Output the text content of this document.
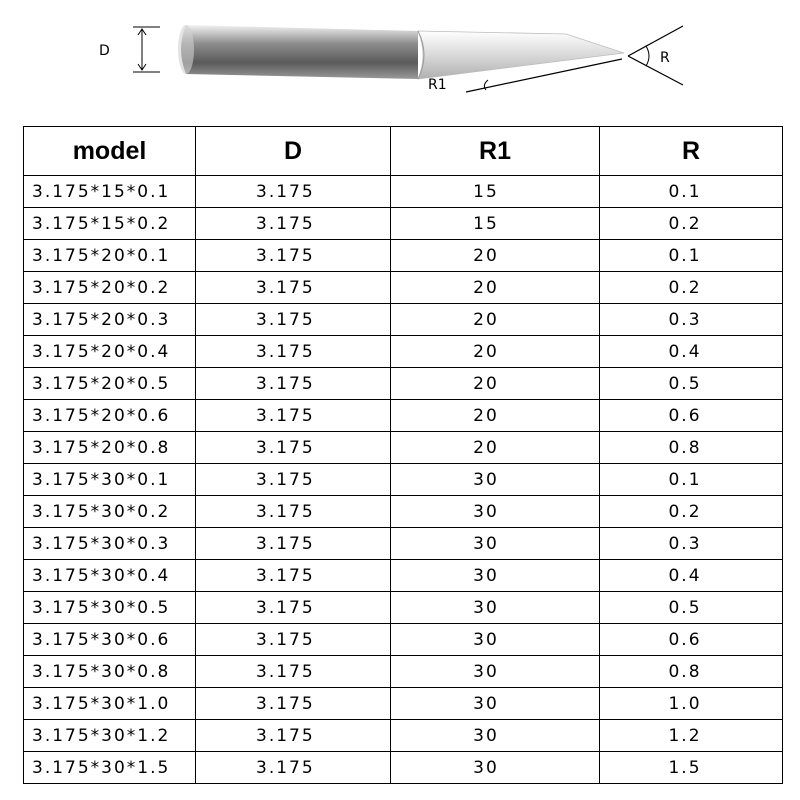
D	R
R1
model	D	R1	R
3.175*15*0.1	3.175	15	0.1
3.175*15*0.2	3.175	15	0.2
3.175*20*0.1	3.175	20	0.1
3.175*20*0.2	3.175	20	0.2
3.175*20*0.3	3.175	20	0.3
3.175*20*0.4	3.175	20	0.4
3.175*20*0.5	3.175	20	0.5
3.175*20*0.6	3.175	20	0.6
3.175*20*0.8	3.175	20	0.8
3.175*30*0.1	3.175	30	0.1
3.175*30*0.2	3.175	30	0.2
3.175*30*0.3	3.175	30	0.3
3.175*30*0.4	3.175	30	0.4
3.175*30*0.5	3.175	30	0.5
3.175*30*0.6	3.175	30	0.6
3.175*30*0.8	3.175	30	0.8
3.175*30*1.0	3.175	30	1.0
3.175*30*1.2	3.175	30	1.2
3.175*30*1.5	3.175	30	1.5
